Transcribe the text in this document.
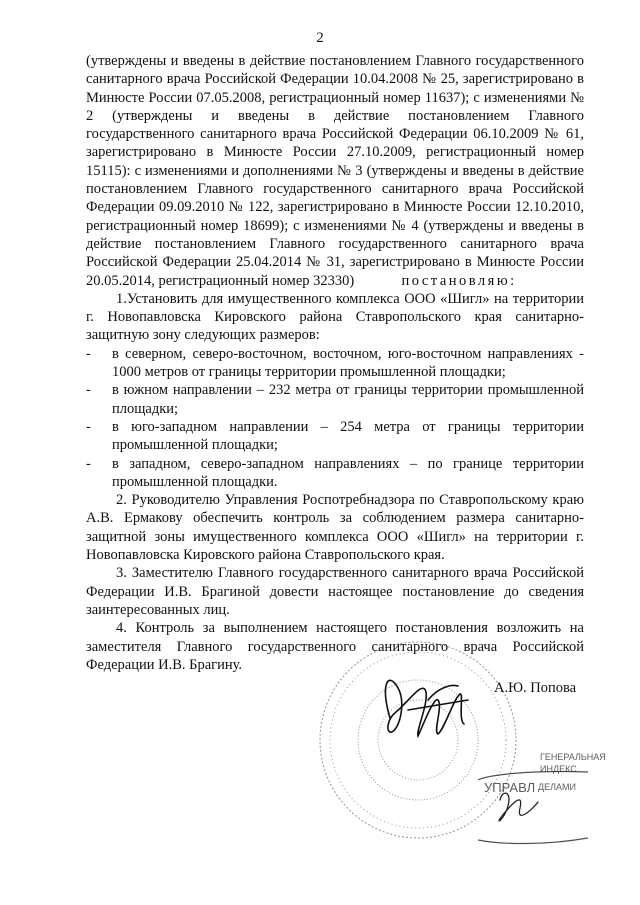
2

(утверждены и введены в действие постановлением Главного государственного санитарного врача Российской Федерации 10.04.2008 № 25, зарегистрировано в Минюсте России 07.05.2008, регистрационный номер 11637); с изменениями № 2 (утверждены и введены в действие постановлением Главного государственного санитарного врача Российской Федерации 06.10.2009 № 61, зарегистрировано в Минюсте России 27.10.2009, регистрационный номер 15115): с изменениями и дополнениями № 3 (утверждены и введены в действие постановлением Главного государственного санитарного врача Российской Федерации 09.09.2010 № 122, зарегистрировано в Минюсте России 12.10.2010, регистрационный номер 18699); с изменениями № 4 (утверждены и введены в действие постановлением Главного государственного санитарного врача Российской Федерации 25.04.2014 № 31, зарегистрировано в Минюсте России 20.05.2014, регистрационный номер 32330)	постановляю:

1.Установить для имущественного комплекса ООО «Шигл» на территории г. Новопавловска Кировского района Ставропольского края санитарно-защитную зону следующих размеров:

-	в северном, северо-восточном, восточном, юго-восточном направлениях - 1000 метров от границы территории промышленной площадки;
-	в южном направлении – 232 метра от границы территории промышленной площадки;
-	в юго-западном направлении – 254 метра от границы территории промышленной площадки;
-	в западном, северо-западном направлениях – по границе территории промышленной площадки.

2. Руководителю Управления Роспотребнадзора по Ставропольскому краю А.В. Ермакову обеспечить контроль за соблюдением размера санитарно-защитной зоны имущественного комплекса ООО «Шигл» на территории г. Новопавловска Кировского района Ставропольского края.

3. Заместителю Главного государственного санитарного врача Российской Федерации И.В. Брагиной довести настоящее постановление до сведения заинтересованных лиц.

4. Контроль за выполнением настоящего постановления возложить на заместителя Главного государственного санитарного врача Российской Федерации И.В. Брагину.

ГЕНЕРАЛЬНАЯ
ИНДЕКС
УПРАВЛ ДЕЛАМИ
А.Ю. Попова
